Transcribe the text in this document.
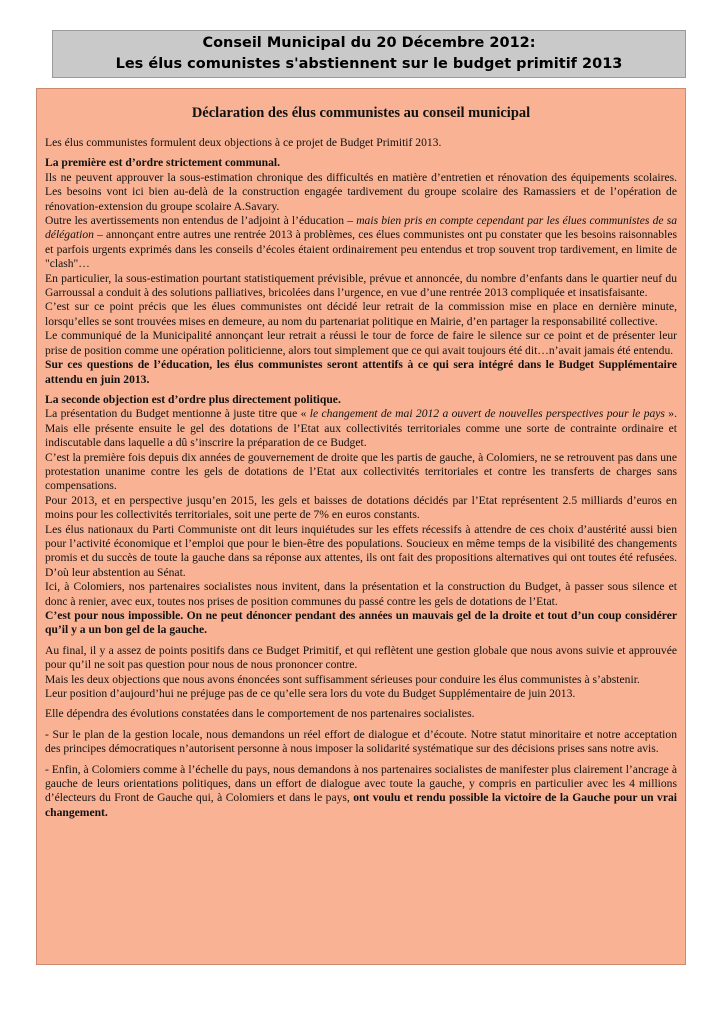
Conseil Municipal du 20 Décembre 2012:
Les élus comunistes s'abstiennent sur le budget primitif 2013
Déclaration des élus communistes au conseil municipal

Les élus communistes formulent deux objections à ce projet de Budget Primitif 2013.

La première est d’ordre strictement communal.

Ils ne peuvent approuver la sous-estimation chronique des difficultés en matière d’entretien et rénovation des équipements scolaires. Les besoins vont ici bien au-delà de la construction engagée tardivement du groupe scolaire des Ramassiers et de l’opération de rénovation-extension du groupe scolaire A.Savary.

Outre les avertissements non entendus de l’adjoint à l’éducation – mais bien pris en compte cependant par les élues communistes de sa délégation – annonçant entre autres une rentrée 2013 à problèmes, ces élues communistes ont pu constater que les besoins raisonnables et parfois urgents exprimés dans les conseils d’écoles étaient ordinairement peu entendus et trop souvent trop tardivement, en limite de "clash"…

En particulier, la sous-estimation pourtant statistiquement prévisible, prévue et annoncée, du nombre d’enfants dans le quartier neuf du Garroussal a conduit à des solutions palliatives, bricolées dans l’urgence, en vue d’une rentrée 2013 compliquée et insatisfaisante.

C’est sur ce point précis que les élues communistes ont décidé leur retrait de la commission mise en place en dernière minute, lorsqu’elles se sont trouvées mises en demeure, au nom du partenariat politique en Mairie, d’en partager la responsabilité collective.

Le communiqué de la Municipalité annonçant leur retrait a réussi le tour de force de faire le silence sur ce point et de présenter leur prise de position comme une opération politicienne, alors tout simplement que ce qui avait toujours été dit…n’avait jamais été entendu.

Sur ces questions de l’éducation, les élus communistes seront attentifs à ce qui sera intégré dans le Budget Supplémentaire attendu en juin 2013.

La seconde objection est d’ordre plus directement politique.

La présentation du Budget mentionne à juste titre que « le changement de mai 2012 a ouvert de nouvelles perspectives pour le pays ». Mais elle présente ensuite le gel des dotations de l’Etat aux collectivités territoriales comme une sorte de contrainte ordinaire et indiscutable dans laquelle a dû s’inscrire la préparation de ce Budget.

C’est la première fois depuis dix années de gouvernement de droite que les partis de gauche, à Colomiers, ne se retrouvent pas dans une protestation unanime contre les gels de dotations de l’Etat aux collectivités territoriales et contre les transferts de charges sans compensations.

Pour 2013, et en perspective jusqu’en 2015, les gels et baisses de dotations décidés par l’Etat représentent 2.5 milliards d’euros en moins pour les collectivités territoriales, soit une perte de 7% en euros constants.

Les élus nationaux du Parti Communiste ont dit leurs inquiétudes sur les effets récessifs à attendre de ces choix d’austérité aussi bien pour l’activité économique et l’emploi que pour le bien-être des populations. Soucieux en même temps de la visibilité des changements promis et du succès de toute la gauche dans sa réponse aux attentes, ils ont fait des propositions alternatives qui ont toutes été refusées. D’où leur abstention au Sénat.

Ici, à Colomiers, nos partenaires socialistes nous invitent, dans la présentation et la construction du Budget, à passer sous silence et donc à renier, avec eux, toutes nos prises de position communes du passé contre les gels de dotations de l’Etat.

C’est pour nous impossible. On ne peut dénoncer pendant des années un mauvais gel de la droite et tout d’un coup considérer qu’il y a un bon gel de la gauche.

Au final, il y a assez de points positifs dans ce Budget Primitif, et qui reflètent une gestion globale que nous avons suivie et approuvée pour qu’il ne soit pas question pour nous de nous prononcer contre.

Mais les deux objections que nous avons énoncées sont suffisamment sérieuses pour conduire les élus communistes à s’abstenir.

Leur position d’aujourd’hui ne préjuge pas de ce qu’elle sera lors du vote du Budget Supplémentaire de juin 2013.

Elle dépendra des évolutions constatées dans le comportement de nos partenaires socialistes.

- Sur le plan de la gestion locale, nous demandons un réel effort de dialogue et d’écoute. Notre statut minoritaire et notre acceptation des principes démocratiques n’autorisent personne à nous imposer la solidarité systématique sur des décisions prises sans notre avis.

- Enfin, à Colomiers comme à l’échelle du pays, nous demandons à nos partenaires socialistes de manifester plus clairement l’ancrage à gauche de leurs orientations politiques, dans un effort de dialogue avec toute la gauche, y compris en particulier avec les 4 millions d’électeurs du Front de Gauche qui, à Colomiers et dans le pays, ont voulu et rendu possible la victoire de la Gauche pour un vrai changement.
